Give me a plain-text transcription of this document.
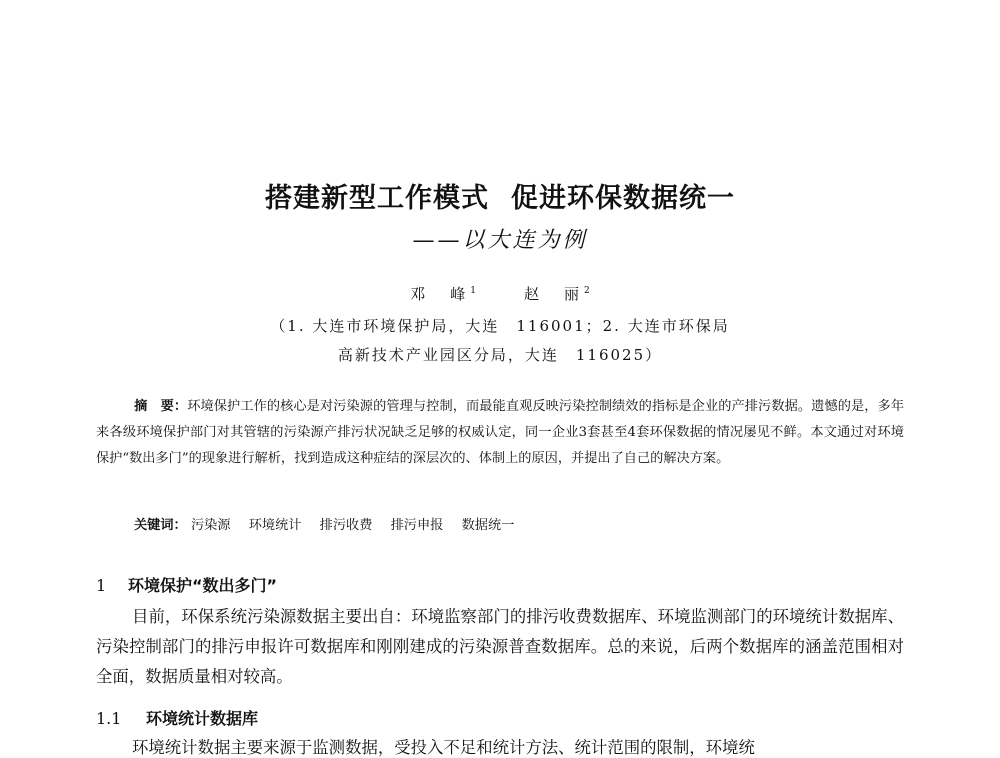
搭建新型工作模式 促进环保数据统一
——以大连为例
邓　峰$^1$	赵　丽$^2$
（1. 大连市环境保护局，大连　116001；2. 大连市环保局
高新技术产业园区分局，大连　116025）
摘　要：环境保护工作的核心是对污染源的管理与控制，而最能直观反映污染控制绩效的指标是企业的产排污数据。遗憾的是，多年来各级环境保护部门对其管辖的污染源产排污状况缺乏足够的权威认定，同一企业3套甚至4套环保数据的情况屡见不鲜。本文通过对环境保护“数出多门”的现象进行解析，找到造成这种症结的深层次的、体制上的原因，并提出了自己的解决方案。
关键词： 污染源 环境统计 排污收费 排污申报 数据统一
1 环境保护“数出多门”
目前，环保系统污染源数据主要出自：环境监察部门的排污收费数据库、环境监测部门的环境统计数据库、污染控制部门的排污申报许可数据库和刚刚建成的污染源普查数据库。总的来说，后两个数据库的涵盖范围相对全面，数据质量相对较高。
1.1 环境统计数据库
环境统计数据主要来源于监测数据，受投入不足和统计方法、统计范围的限制，环境统
